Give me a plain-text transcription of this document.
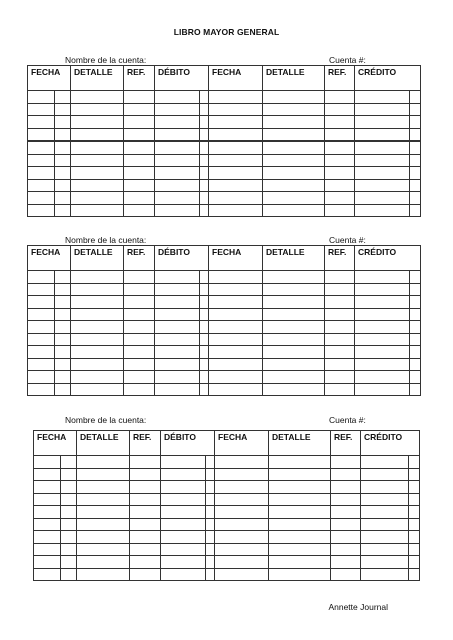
LIBRO MAYOR GENERAL
Nombre de la cuenta:	Cuenta #:
FECHA		DETALLE	REF.	DÉBITO		FECHA	DETALLE	REF.	CRÉDITO	

Nombre de la cuenta:	Cuenta #:
FECHA		DETALLE	REF.	DÉBITO		FECHA	DETALLE	REF.	CRÉDITO	

Nombre de la cuenta:	Cuenta #:
FECHA		DETALLE	REF.	DÉBITO		FECHA	DETALLE	REF.	CRÉDITO	

Annette Journal
